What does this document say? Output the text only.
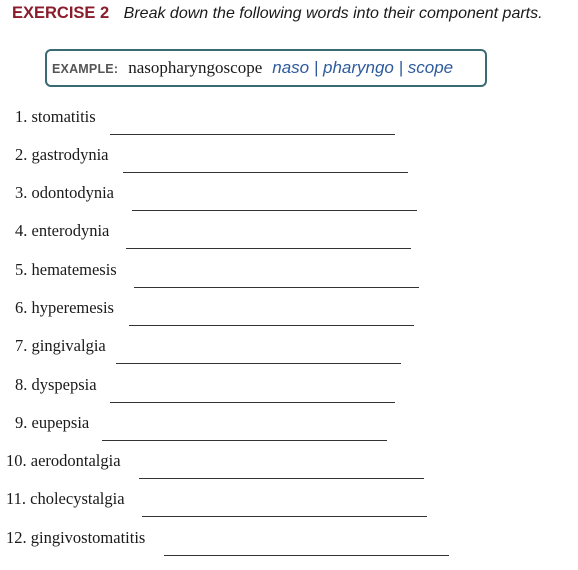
EXERCISE 2 Break down the following words into their component parts.
EXAMPLE: nasopharyngoscope naso | pharyngo | scope
1. stomatitis
2. gastrodynia
3. odontodynia
4. enterodynia
5. hematemesis
6. hyperemesis
7. gingivalgia
8. dyspepsia
9. eupepsia
10. aerodontalgia
11. cholecystalgia
12. gingivostomatitis
